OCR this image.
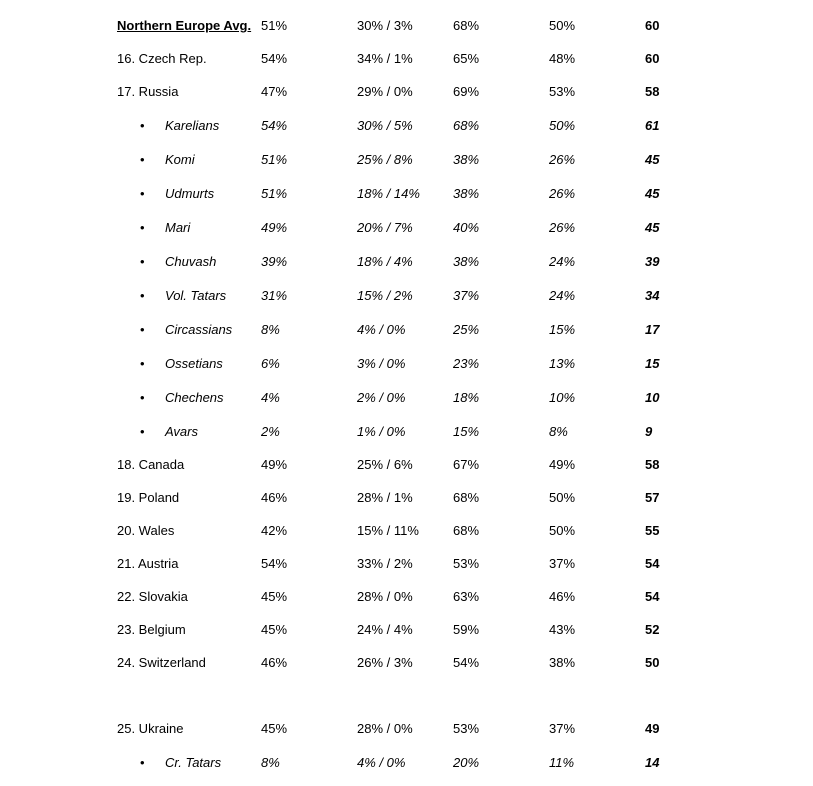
Northern Europe Avg. 51%	30% / 3%	68%	50%	60
16. Czech Rep.	54%	34% / 1%	65%	48%	60
17. Russia	47%	29% / 0%	69%	53%	58
• Karelians	54%	30% / 5%	68%	50%	61
• Komi	51%	25% / 8%	38%	26%	45
• Udmurts	51%	18% / 14%	38%	26%	45
• Mari	49%	20% / 7%	40%	26%	45
• Chuvash	39%	18% / 4%	38%	24%	39
• Vol. Tatars	31%	15% / 2%	37%	24%	34
• Circassians 8%	4% / 0%	25%	15%	17
• Ossetians	6%	3% / 0%	23%	13%	15
• Chechens	4%	2% / 0%	18%	10%	10
• Avars	2%	1% / 0%	15%	8%	9
18. Canada	49%	25% / 6%	67%	49%	58
19. Poland	46%	28% / 1%	68%	50%	57
20. Wales	42%	15% / 11%	68%	50%	55
21. Austria	54%	33% / 2%	53%	37%	54
22. Slovakia	45%	28% / 0%	63%	46%	54
23. Belgium	45%	24% / 4%	59%	43%	52
24. Switzerland	46%	26% / 3%	54%	38%	50
25. Ukraine	45%	28% / 0%	53%	37%	49
• Cr. Tatars	8%	4% / 0%	20%	11%	14
